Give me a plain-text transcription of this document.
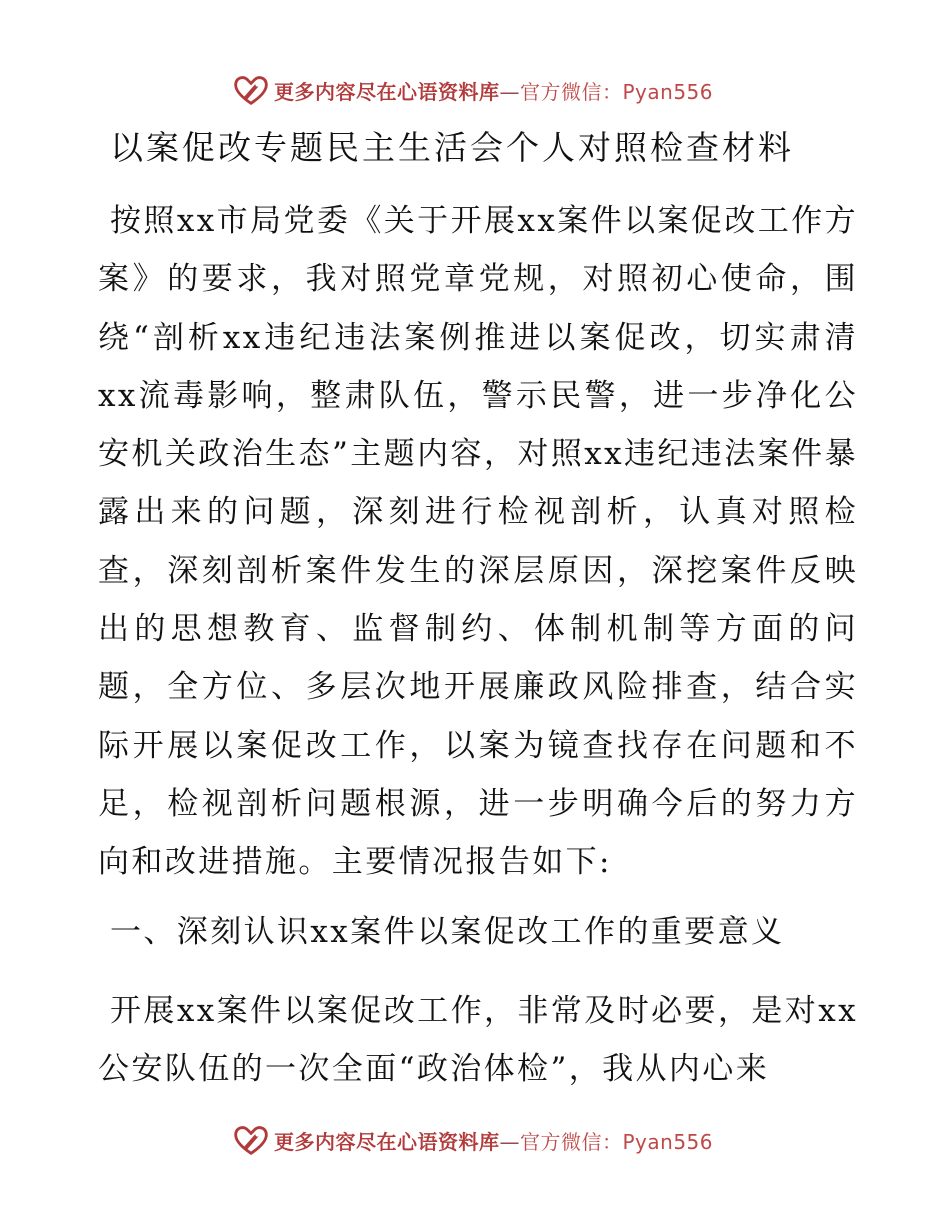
更多内容尽在心语资料库—官方微信：Pyan556
以案促改专题民主生活会个人对照检查材料

按照xx市局党委《关于开展xx案件以案促改工作方案》的要求，我对照党章党规，对照初心使命，围绕“剖析xx违纪违法案例推进以案促改，切实肃清xx流毒影响，整肃队伍，警示民警，进一步净化公安机关政治生态”主题内容，对照xx违纪违法案件暴露出来的问题，深刻进行检视剖析，认真对照检查，深刻剖析案件发生的深层原因，深挖案件反映出的思想教育、监督制约、体制机制等方面的问题，全方位、多层次地开展廉政风险排查，结合实际开展以案促改工作，以案为镜查找存在问题和不足，检视剖析问题根源，进一步明确今后的努力方向和改进措施。主要情况报告如下:

一、深刻认识xx案件以案促改工作的重要意义

开展xx案件以案促改工作，非常及时必要，是对xx公安队伍的一次全面“政治体检”，我从内心来

更多内容尽在心语资料库—官方微信：Pyan556
